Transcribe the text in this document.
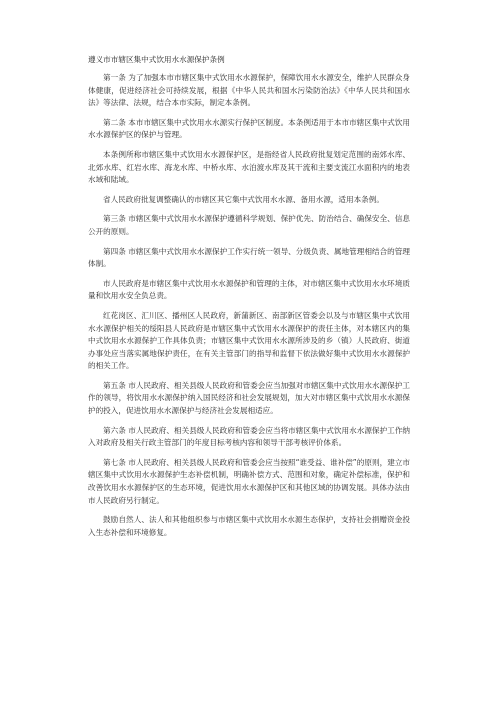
遵义市市辖区集中式饮用水水源保护条例

第一条 为了加强本市市辖区集中式饮用水水源保护，保障饮用水水源安全，维护人民群众身体健康，促进经济社会可持续发展，根据《中华人民共和国水污染防治法》《中华人民共和国水法》等法律、法规，结合本市实际，制定本条例。

第二条 本市市辖区集中式饮用水水源实行保护区制度。本条例适用于本市市辖区集中式饮用水水源保护区的保护与管理。

本条例所称市辖区集中式饮用水水源保护区，是指经省人民政府批复划定范围的南郊水库、北郊水库、红岩水库、海龙水库、中桥水库、水泊渡水库及其干流和主要支流江水面积内的地表水域和陆域。

省人民政府批复调整确认的市辖区其它集中式饮用水水源、备用水源，适用本条例。

第三条 市辖区集中式饮用水水源保护遵循科学规划、保护优先、防治结合、确保安全、信息公开的原则。

第四条 市辖区集中式饮用水水源保护工作实行统一领导、分级负责、属地管理相结合的管理体制。

市人民政府是市辖区集中式饮用水水源保护和管理的主体，对市辖区集中式饮用水水环境质量和饮用水安全负总责。

红花岗区、汇川区、播州区人民政府，新蒲新区、南部新区管委会以及与市辖区集中式饮用水水源保护相关的绥阳县人民政府是市辖区集中式饮用水水源保护的责任主体，对本辖区内的集中式饮用水水源保护工作具体负责；市辖区集中式饮用水水源所涉及的乡（镇）人民政府、街道办事处应当落实属地保护责任，在有关主管部门的指导和监督下依法做好集中式饮用水水源保护的相关工作。

第五条 市人民政府、相关县级人民政府和管委会应当加强对市辖区集中式饮用水水源保护工作的领导，将饮用水水源保护纳入国民经济和社会发展规划，加大对市辖区集中式饮用水水源保护的投入，促进饮用水水源保护与经济社会发展相适应。

第六条 市人民政府、相关县级人民政府和管委会应当将市辖区集中式饮用水水源保护工作纳入对政府及相关行政主管部门的年度目标考核内容和领导干部考核评价体系。

第七条 市人民政府、相关县级人民政府和管委会应当按照“谁受益、谁补偿”的原则，建立市辖区集中式饮用水水源保护生态补偿机制，明确补偿方式、范围和对象，确定补偿标准，保护和改善饮用水水源保护区的生态环境，促进饮用水水源保护区和其他区域的协调发展。具体办法由市人民政府另行制定。

鼓励自然人、法人和其他组织参与市辖区集中式饮用水水源生态保护，支持社会捐赠资金投入生态补偿和环境修复。
